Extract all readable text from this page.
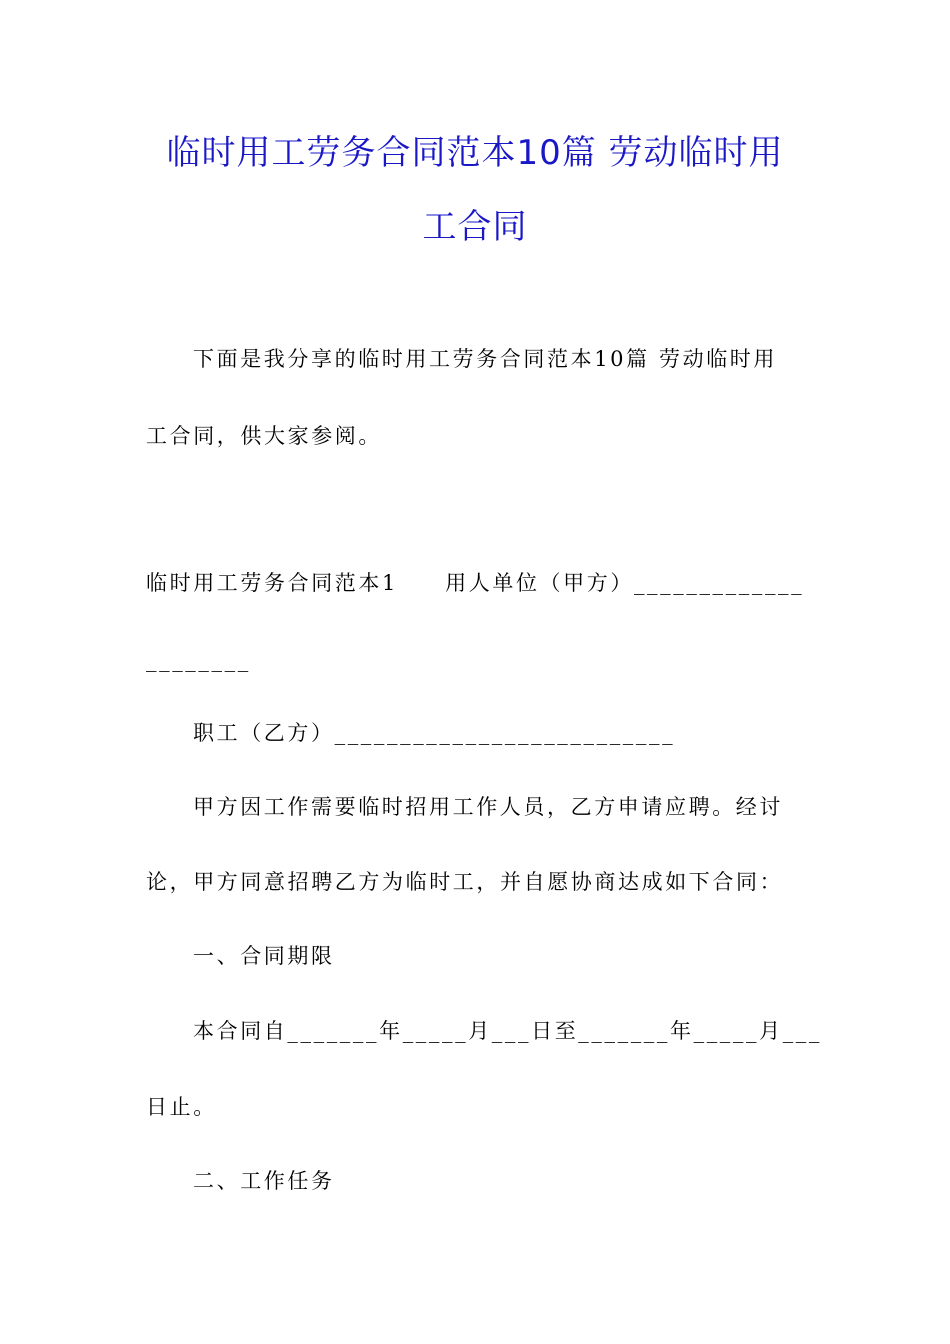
临时用工劳务合同范本10篇 劳动临时用
工合同
下面是我分享的临时用工劳务合同范本10篇 劳动临时用
工合同，供大家参阅。
临时用工劳务合同范本1　　用人单位（甲方）_____________
________
职工（乙方）__________________________
甲方因工作需要临时招用工作人员，乙方申请应聘。经讨
论，甲方同意招聘乙方为临时工，并自愿协商达成如下合同：
一、合同期限
本合同自_______年_____月___日至_______年_____月___
日止。
二、工作任务
